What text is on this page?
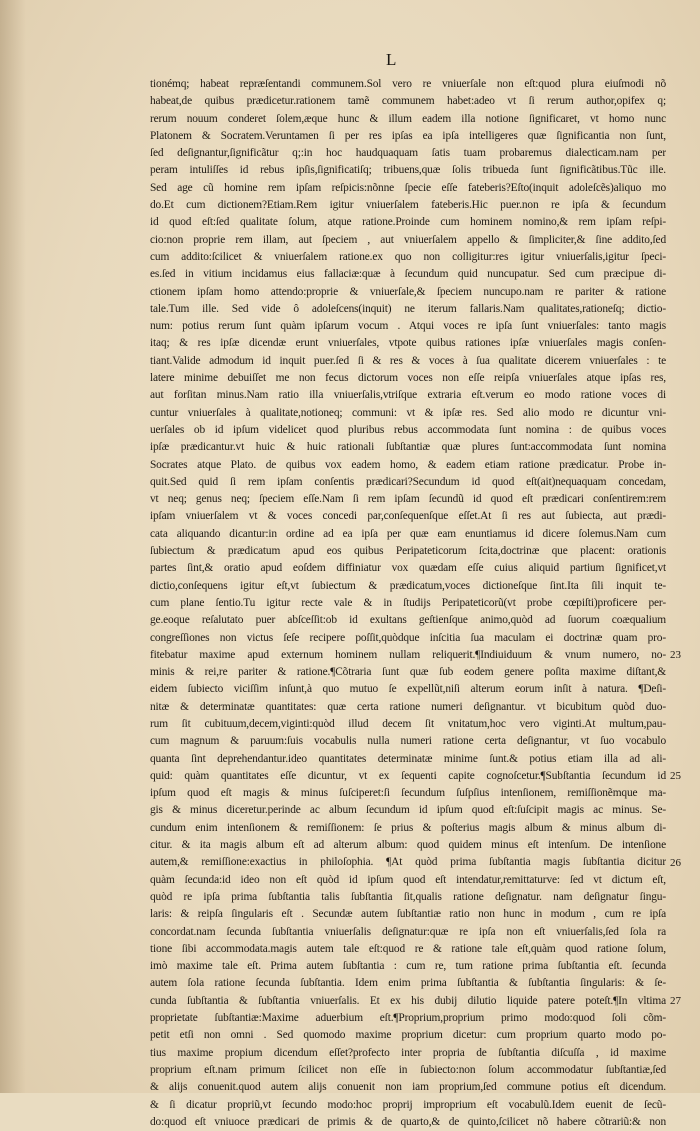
L
tionémq; habeat repræſentandi communem.Sol vero re vniuerſale non eſt:quod plura eiuſmodi nõ
habeat,de quibus prædicetur.rationem tamẽ communem habet:adeo vt ſi rerum author,opifex q;
rerum nouum conderet ſolem,æque hunc & illum eadem illa notione ſignificaret, vt homo nunc
Platonem & Socratem.Veruntamen ſi per res ipſas ea ipſa intelligeres quæ ſignificantia non ſunt,
ſed deſignantur,ſignificãtur q;:in hoc haudquaquam ſatis tuam probaremus dialecticam.nam per
peram intuliſſes id rebus ipſis,ſignificatiſq; tribuens,quæ ſolis tribueda ſunt ſignificãtibus.Tũc ille.
Sed age cũ homine rem ipſam reſpicis:nõnne ſpecie eſſe fateberis?Eſto(inquit adoleſcẽs)aliquo mo
do.Et cum dictionem?Etiam.Rem igitur vniuerſalem fateberis.Hic puer.non re ipſa & ſecundum
id quod eſt:ſed qualitate ſolum, atque ratione.Proinde cum hominem nomino,& rem ipſam reſpi-
cio:non proprie rem illam, aut ſpeciem , aut vniuerſalem appello & ſimpliciter,& ſine addito,ſed
cum addito:ſcilicet & vniuerſalem ratione.ex quo non colligitur:res igitur vniuerſalis,igitur ſpeci-
es.ſed in vitium incidamus eius fallaciæ:quæ à ſecundum quid nuncupatur. Sed cum præcipue di-
ctionem ipſam homo attendo:proprie & vniuerſale,& ſpeciem nuncupo.nam re pariter & ratione
tale.Tum ille. Sed vide ô adoleſcens(inquit) ne iterum fallaris.Nam qualitates,rationeſq; dictio-
num: potius rerum ſunt quàm ipſarum vocum . Atqui voces re ipſa ſunt vniuerſales: tanto magis
itaq; & res ipſæ dicendæ erunt vniuerſales, vtpote quibus rationes ipſæ vniuerſales magis conſen-
tiant.Valide admodum id inquit puer.ſed ſi & res & voces à ſua qualitate dicerem vniuerſales : te
latere minime debuiſſet me non fecus dictorum voces non eſſe reipſa vniuerſales atque ipſas res,
aut forſitan minus.Nam ratio illa vniuerſalis,vtriſque extraria eſt.verum eo modo ratione voces di
cuntur vniuerſales à qualitate,notioneq; communi: vt & ipſæ res. Sed alio modo re dicuntur vni-
uerſales ob id ipſum videlicet quod pluribus rebus accommodata ſunt nomina : de quibus voces
ipſæ prædicantur.vt huic & huic rationali ſubſtantiæ quæ plures ſunt:accommodata ſunt nomina
Socrates atque Plato. de quibus vox eadem homo, & eadem etiam ratione prædicatur. Probe in-
quit.Sed quid ſi rem ipſam conſentis prædicari?Secundum id quod eſt(ait)nequaquam concedam,
vt neq; genus neq; ſpeciem eſſe.Nam ſi rem ipſam ſecundũ id quod eſt prædicari conſentirem:rem
ipſam vniuerſalem vt & voces concedi par,conſequenſque eſſet.At ſi res aut ſubiecta, aut prædi-
cata aliquando dicantur:in ordine ad ea ipſa per quæ eam enuntiamus id dicere ſolemus.Nam cum
ſubiectum & prædicatum apud eos quibus Peripateticorum ſcita,doctrinæ que placent: orationis
partes ſint,& oratio apud eoſdem diffiniatur vox quædam eſſe cuius aliquid partium ſignificet,vt
dictio,conſequens igitur eſt,vt ſubiectum & prædicatum,voces dictioneſque ſint.Ita ſili inquit te-
cum plane ſentio.Tu igitur recte vale & in ſtudijs Peripateticorũ(vt probe cœpiſti)proficere per-
ge.eoque reſalutato puer abſceſſit:ob id exultans geſtienſque animo,quòd ad ſuorum coæqualium
congreſſiones non victus ſeſe recipere poſſit,quòdque inſcitia ſua maculam ei doctrinæ quam pro-
fitebatur maxime apud externum hominem nullam reliquerit.¶Indiuiduum & vnum numero, no-
minis & rei,re pariter & ratione.¶Cõtraria ſunt quæ ſub eodem genere poſita maxime diſtant,&
eidem ſubiecto viciſſim inſunt,à quo mutuo ſe expellũt,niſi alterum eorum inſit à natura. ¶Deſi-
nitæ & determinatæ quantitates: quæ certa ratione numeri deſignantur. vt bicubitum quòd duo-
rum ſit cubituum,decem,viginti:quòd illud decem ſit vnitatum,hoc vero viginti.At multum,pau-
cum magnum & paruum:ſuis vocabulis nulla numeri ratione certa deſignantur, vt ſuo vocabulo
quanta ſint deprehendantur.ideo quantitates determinatæ minime ſunt.& potius etiam illa ad ali-
quid: quàm quantitates eſſe dicuntur, vt ex ſequenti capite cognoſcetur.¶Subſtantia ſecundum id
ipſum quod eſt magis & minus ſuſciperet:ſi ſecundum ſuſpſius intenſionem, remiſſionẽmque ma-
gis & minus diceretur.perinde ac album ſecundum id ipſum quod eſt:ſuſcipit magis ac minus. Se-
cundum enim intenſionem & remiſſionem: ſe prius & poſterius magis album & minus album di-
citur. & ita magis album eſt ad alterum album: quod quidem minus eſt intenſum. De intenſione
autem,& remiſſione:exactius in philoſophia. ¶At quòd prima ſubſtantia magis ſubſtantia dicitur
quàm ſecunda:id ideo non eſt quòd id ipſum quod eſt intendatur,remittaturve: ſed vt dictum eſt,
quòd re ipſa prima ſubſtantia talis ſubſtantia ſit,qualis ratione deſignatur. nam deſignatur ſingu-
laris: & reipſa ſingularis eſt . Secundæ autem ſubſtantiæ ratio non hunc in modum , cum re ipſa
concordat.nam ſecunda ſubſtantia vniuerſalis deſignatur:quæ re ipſa non eſt vniuerſalis,ſed ſola ra
tione ſibi accommodata.magis autem tale eſt:quod re & ratione tale eſt,quàm quod ratione ſolum,
imò maxime tale eſt. Prima autem ſubſtantia : cum re, tum ratione prima ſubſtantia eſt. ſecunda
autem ſola ratione ſecunda ſubſtantia. Idem enim prima ſubſtantia & ſubſtantia ſingularis: & ſe-
cunda ſubſtantia & ſubſtantia vniuerſalis. Et ex his dubij dilutio liquide patere poteſt.¶In vltima
proprietate ſubſtantiæ:Maxime aduerbium eſt.¶Proprium,proprium primo modo:quod ſoli cõm-
petit etſi non omni . Sed quomodo maxime proprium dicetur: cum proprium quarto modo po-
tius maxime propium dicendum eſſet?profecto inter propria de ſubſtantia diſcuſſa , id maxime
proprium eſt.nam primum ſcilicet non eſſe in ſubiecto:non ſolum accommodatur ſubſtantiæ,ſed
& alijs conuenit.quod autem alijs conuenit non iam proprium,ſed commune potius eſt dicendum.
& ſi dicatur propriũ,vt ſecundo modo:hoc proprij improprium eſt vocabulũ.Idem euenit de ſecũ-
do:quod eſt vniuoce prædicari de primis & de quarto,& de quinto,ſcilicet nõ habere cõtrariũ:& non
23
25
26
27
